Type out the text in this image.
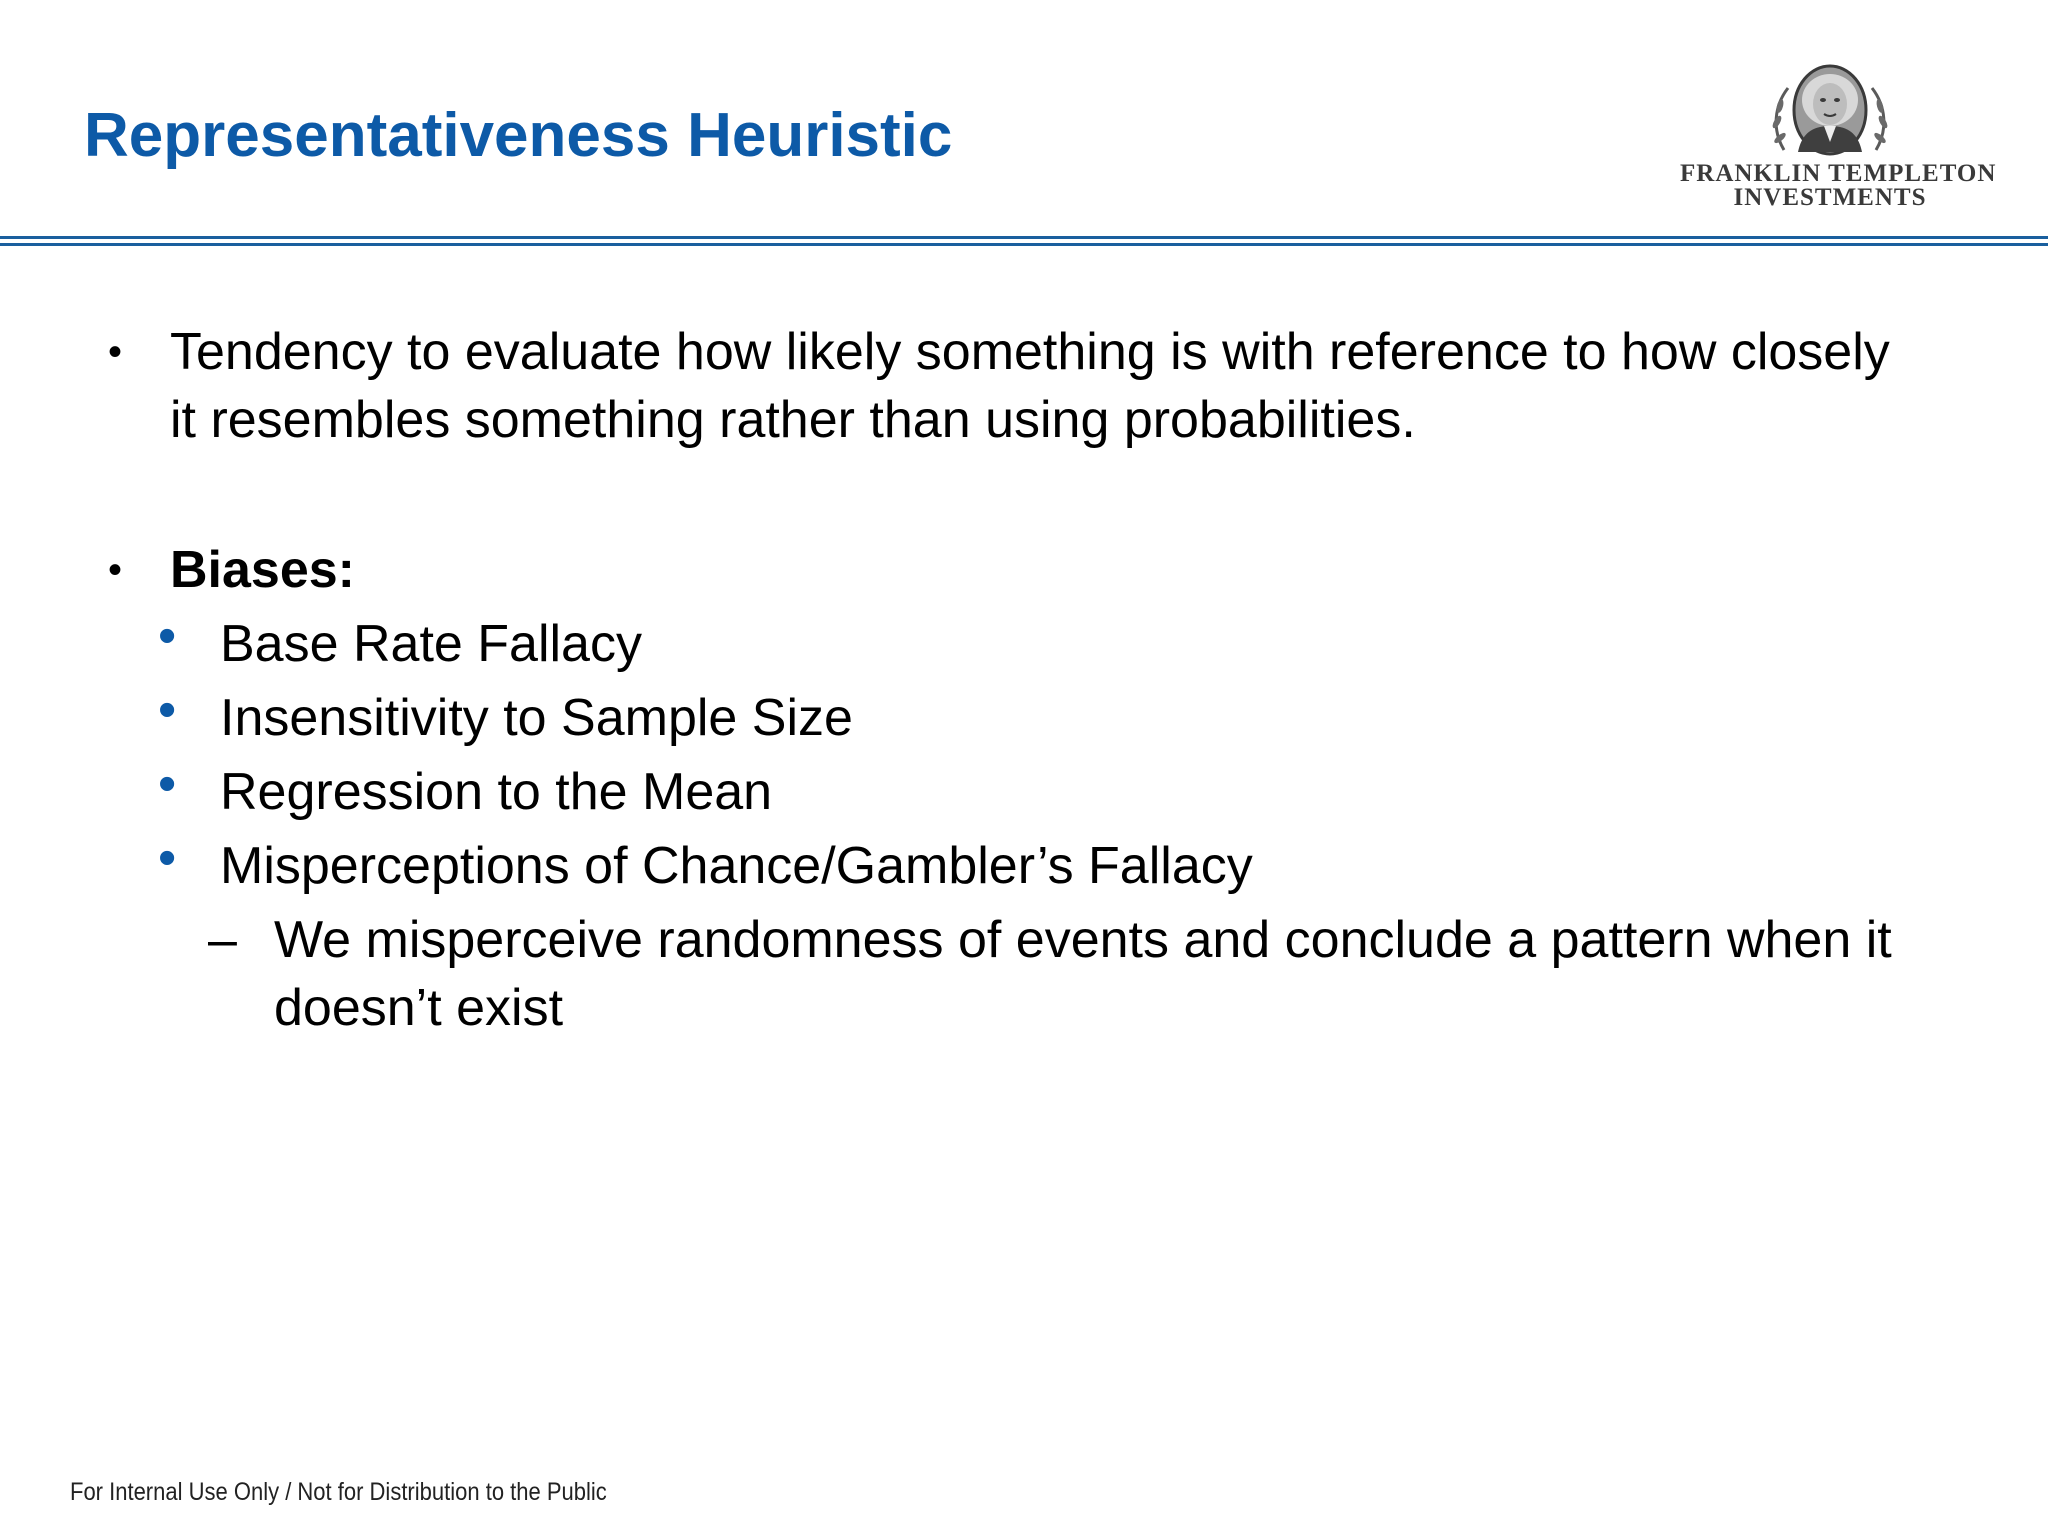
Representativeness Heuristic
FRANKLIN TEMPLETON
INVESTMENTS
• Tendency to evaluate how likely something is with reference to how closely it resembles something rather than using probabilities.
• Biases:
• Base Rate Fallacy
• Insensitivity to Sample Size
• Regression to the Mean
• Misperceptions of Chance/Gambler’s Fallacy
– We misperceive randomness of events and conclude a pattern when it doesn’t exist
For Internal Use Only / Not for Distribution to the Public
